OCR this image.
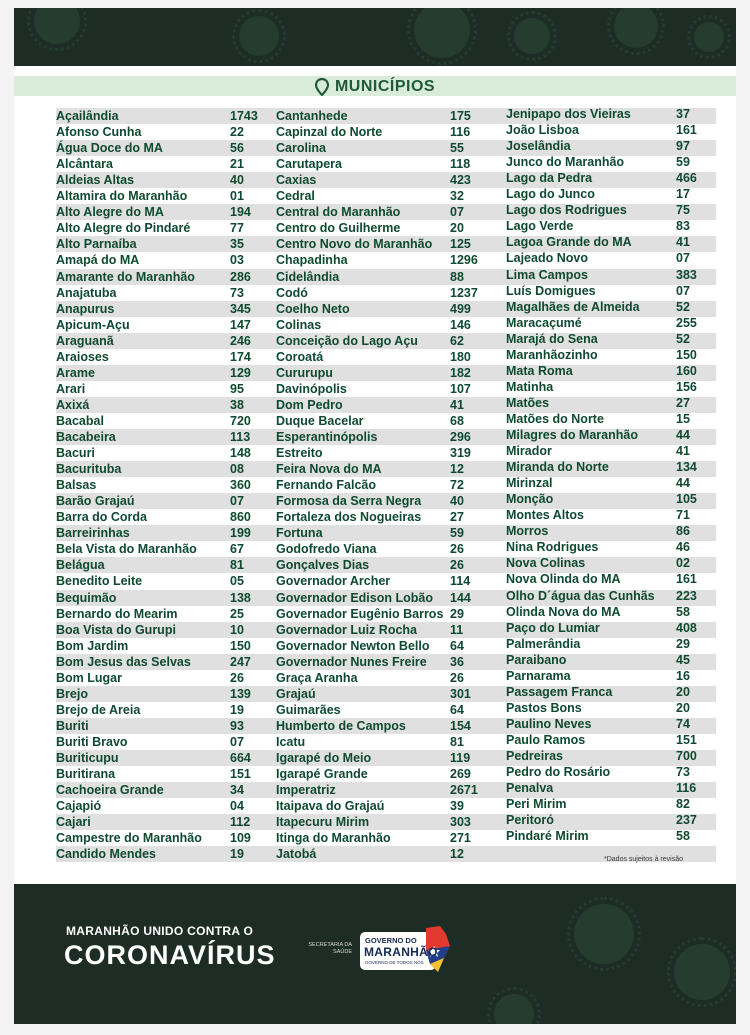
MUNICÍPIOS
Açailândia	1743
Afonso Cunha	22
Água Doce do MA	56
Alcântara	21
Aldeias Altas	40
Altamira do Maranhão	01
Alto Alegre do MA	194
Alto Alegre do Pindaré	77
Alto Parnaíba	35
Amapá do MA	03
Amarante do Maranhão	286
Anajatuba	73
Anapurus	345
Apicum-Açu	147
Araguanã	246
Araioses	174
Arame	129
Arari	95
Axixá	38
Bacabal	720
Bacabeira	113
Bacuri	148
Bacurituba	08
Balsas	360
Barão Grajaú	07
Barra do Corda	860
Barreirinhas	199
Bela Vista do Maranhão	67
Belágua	81
Benedito Leite	05
Bequimão	138
Bernardo do Mearim	25
Boa Vista do Gurupi	10
Bom Jardim	150
Bom Jesus das Selvas	247
Bom Lugar	26
Brejo	139
Brejo de Areia	19
Buriti	93
Buriti Bravo	07
Buriticupu	664
Buritirana	151
Cachoeira Grande	34
Cajapió	04
Cajari	112
Campestre do Maranhão 109
Candido Mendes	19
Cantanhede	175
Capinzal do Norte	116
Carolina	55
Carutapera	118
Caxias	423
Cedral	32
Central do Maranhão	07
Centro do Guilherme	20
Centro Novo do Maranhão 125
Chapadinha	1296
Cidelândia	88
Codó	1237
Coelho Neto	499
Colinas	146
Conceição do Lago Açu	62
Coroatá	180
Cururupu	182
Davinópolis	107
Dom Pedro	41
Duque Bacelar	68
Esperantinópolis	296
Estreito	319
Feira Nova do MA	12
Fernando Falcão	72
Formosa da Serra Negra 40
Fortaleza dos Nogueiras 27
Fortuna	59
Godofredo Viana	26
Gonçalves Dias	26
Governador Archer	114
Governador Edison Lobão 144
Governador Eugênio Barros 29
Governador Luiz Rocha	11
Governador Newton Bello 64
Governador Nunes Freire 36
Graça Aranha	26
Grajaú	301
Guimarães	64
Humberto de Campos	154
Icatu	81
Igarapé do Meio	119
Igarapé Grande	269
Imperatriz	2671
Itaipava do Grajaú	39
Itapecuru Mirim	303
Itinga do Maranhão	271
Jatobá	12
Jenipapo dos Vieiras	37
João Lisboa	161
Joselândia	97
Junco do Maranhão	59
Lago da Pedra	466
Lago do Junco	17
Lago dos Rodrigues	75
Lago Verde	83
Lagoa Grande do MA	41
Lajeado Novo	07
Lima Campos	383
Luís Domigues	07
Magalhães de Almeida	52
Maracaçumé	255
Marajá do Sena	52
Maranhãozinho	150
Mata Roma	160
Matinha	156
Matões	27
Matões do Norte	15
Milagres do Maranhão	44
Mirador	41
Miranda do Norte	134
Mirinzal	44
Monção	105
Montes Altos	71
Morros	86
Nina Rodrigues	46
Nova Colinas	02
Nova Olinda do MA	161
Olho D´água das Cunhãs 223
Olinda Nova do MA	58
Paço do Lumiar	408
Palmerândia	29
Paraibano	45
Parnarama	16
Passagem Franca	20
Pastos Bons	20
Paulino Neves	74
Paulo Ramos	151
Pedreiras	700
Pedro do Rosário	73
Penalva	116
Peri Mirim	82
Peritoró	237
Pindaré Mirim	58
*Dados sujeitos à revisão
MARANHÃO UNIDO CONTRA O
CORONAVÍRUS	SECRETARIA DA SAÚDE
GOVERNO DO
MARANHÃO
GOVERNO DE TODOS NÓS
